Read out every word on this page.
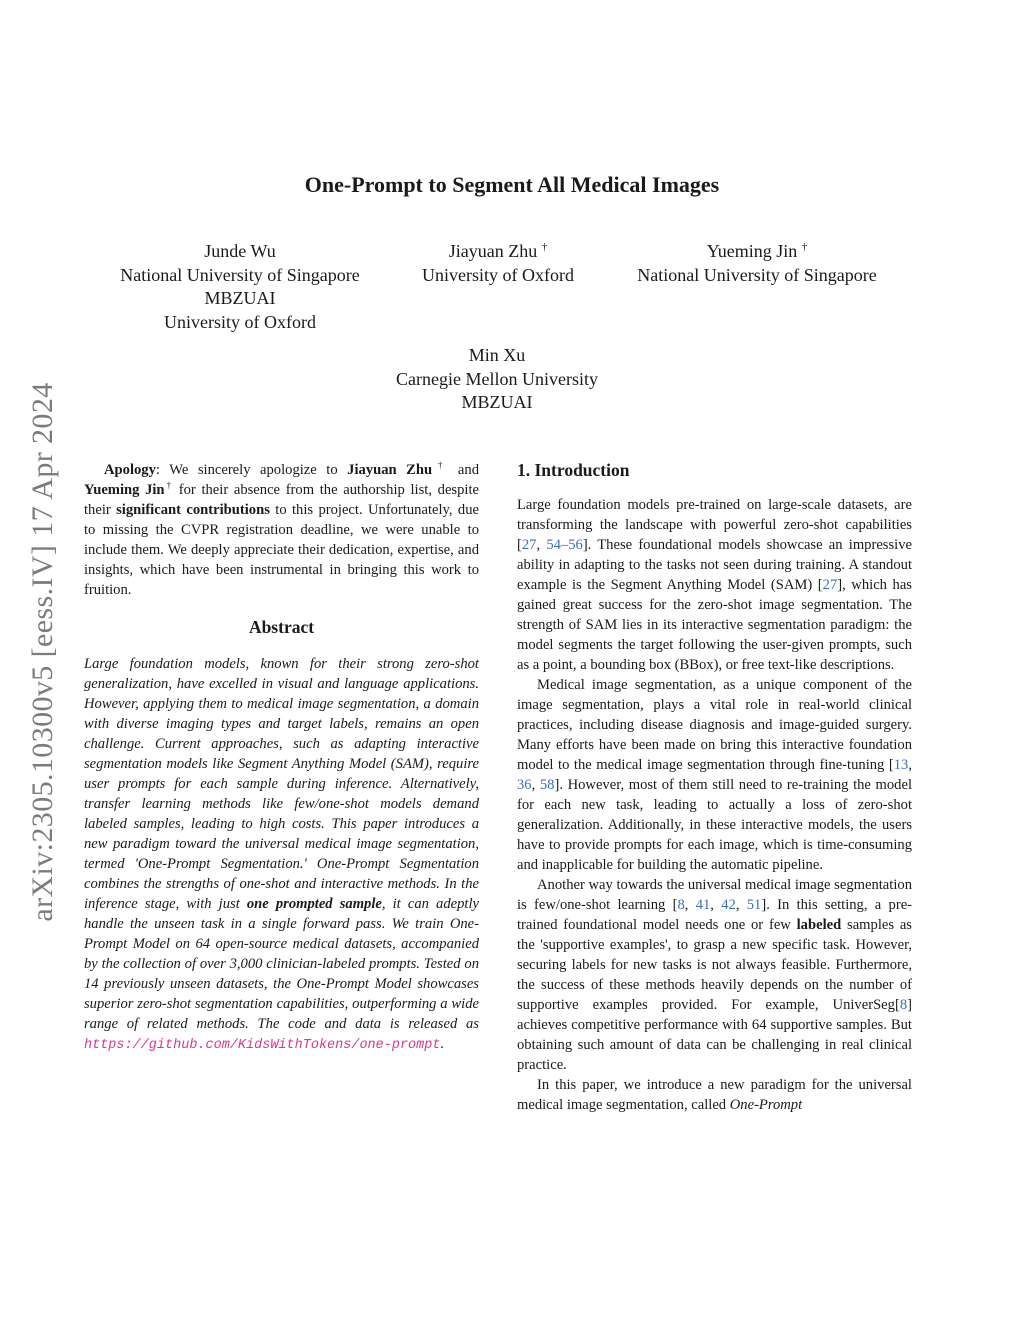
arXiv:2305.10300v5 [eess.IV] 17 Apr 2024
One-Prompt to Segment All Medical Images
Junde Wu
National University of Singapore
MBZUAI
University of Oxford
Jiayuan Zhu †
University of Oxford
Yueming Jin †
National University of Singapore
Min Xu
Carnegie Mellon University
MBZUAI

Apology: We sincerely apologize to Jiayuan Zhu† and Yueming Jin† for their absence from the authorship list, despite their significant contributions to this project. Unfortunately, due to missing the CVPR registration deadline, we were unable to include them. We deeply appreciate their dedication, expertise, and insights, which have been instrumental in bringing this work to fruition.

Abstract

Large foundation models, known for their strong zero-shot generalization, have excelled in visual and language applications. However, applying them to medical image segmentation, a domain with diverse imaging types and target labels, remains an open challenge. Current approaches, such as adapting interactive segmentation models like Segment Anything Model (SAM), require user prompts for each sample during inference. Alternatively, transfer learning methods like few/one-shot models demand labeled samples, leading to high costs. This paper introduces a new paradigm toward the universal medical image segmentation, termed 'One-Prompt Segmentation.' One-Prompt Segmentation combines the strengths of one-shot and interactive methods. In the inference stage, with just one prompted sample, it can adeptly handle the unseen task in a single forward pass. We train One-Prompt Model on 64 open-source medical datasets, accompanied by the collection of over 3,000 clinician-labeled prompts. Tested on 14 previously unseen datasets, the One-Prompt Model showcases superior zero-shot segmentation capabilities, outperforming a wide range of related methods. The code and data is released as https://github.com/KidsWithTokens/one-prompt.

1. Introduction

Large foundation models pre-trained on large-scale datasets, are transforming the landscape with powerful zero-shot capabilities [27, 54–56]. These foundational models showcase an impressive ability in adapting to the tasks not seen during training. A standout example is the Segment Anything Model (SAM) [27], which has gained great success for the zero-shot image segmentation. The strength of SAM lies in its interactive segmentation paradigm: the model segments the target following the user-given prompts, such as a point, a bounding box (BBox), or free text-like descriptions.

Medical image segmentation, as a unique component of the image segmentation, plays a vital role in real-world clinical practices, including disease diagnosis and image-guided surgery. Many efforts have been made on bring this interactive foundation model to the medical image segmentation through fine-tuning [13, 36, 58]. However, most of them still need to re-training the model for each new task, leading to actually a loss of zero-shot generalization. Additionally, in these interactive models, the users have to provide prompts for each image, which is time-consuming and inapplicable for building the automatic pipeline.

Another way towards the universal medical image segmentation is few/one-shot learning [8, 41, 42, 51]. In this setting, a pre-trained foundational model needs one or few labeled samples as the 'supportive examples', to grasp a new specific task. However, securing labels for new tasks is not always feasible. Furthermore, the success of these methods heavily depends on the number of supportive examples provided. For example, UniverSeg[8] achieves competitive performance with 64 supportive samples. But obtaining such amount of data can be challenging in real clinical practice.

In this paper, we introduce a new paradigm for the universal medical image segmentation, called One-Prompt
